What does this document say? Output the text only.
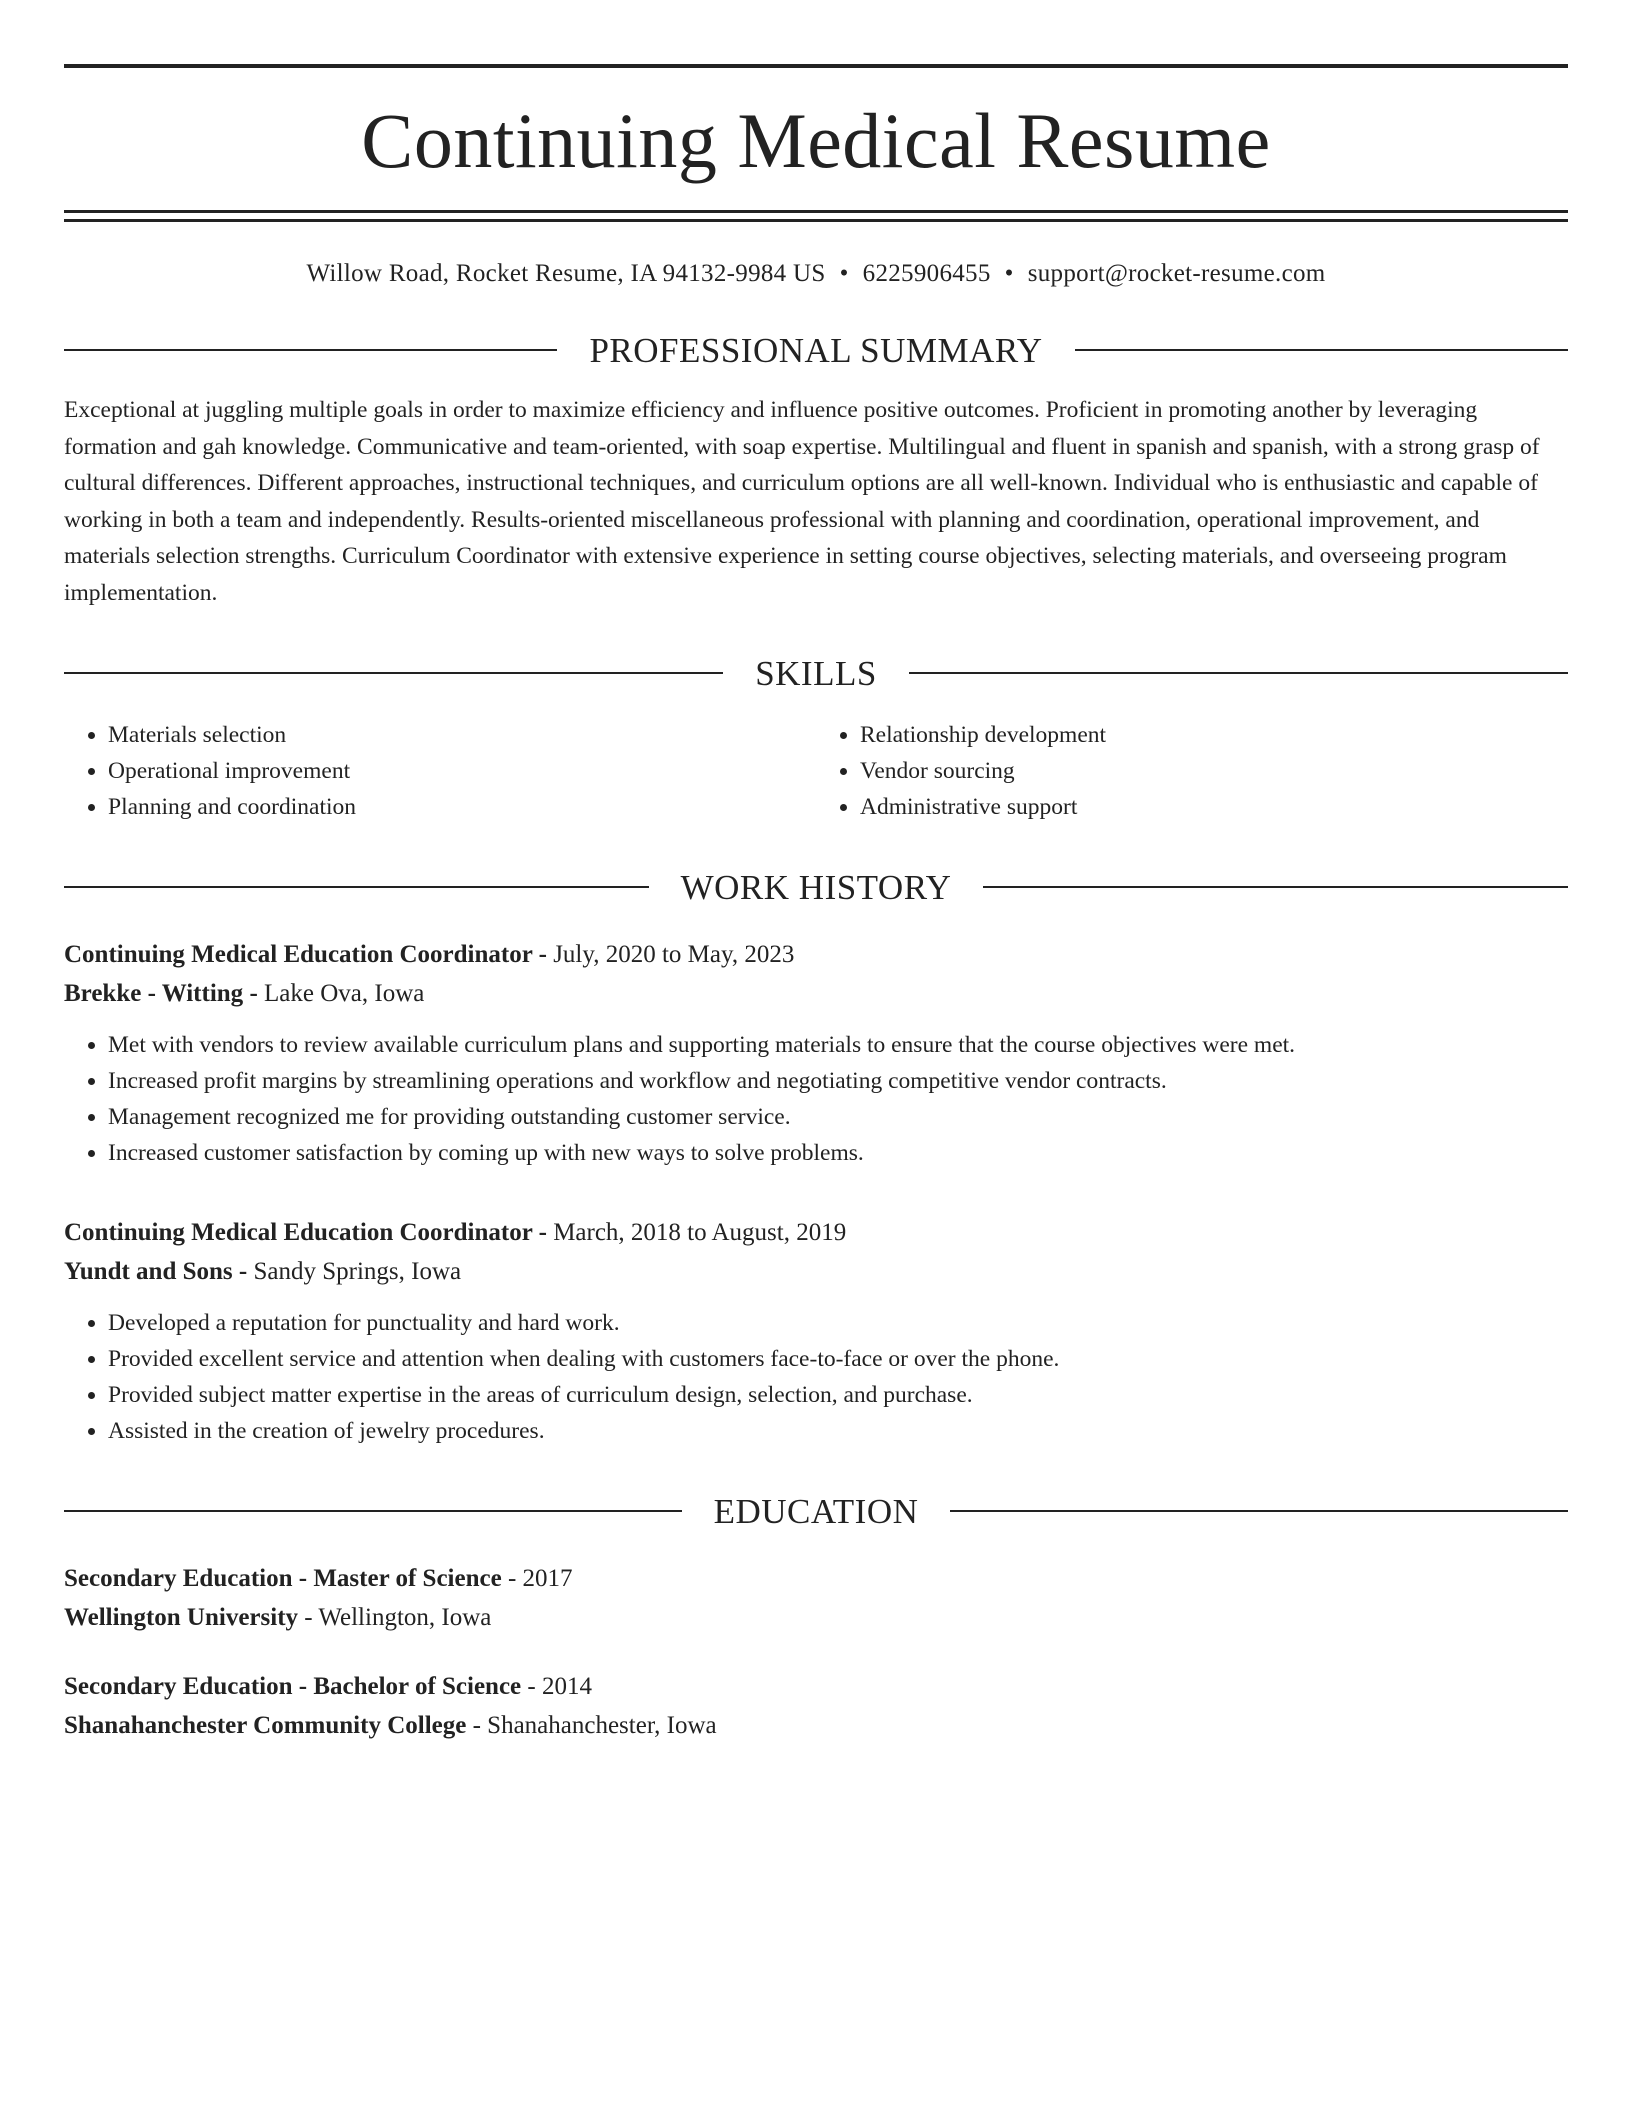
Continuing Medical Resume
Willow Road, Rocket Resume, IA 94132-9984 US • 6225906455 • support@rocket-resume.com
PROFESSIONAL SUMMARY
Exceptional at juggling multiple goals in order to maximize efficiency and influence positive outcomes. Proficient in promoting another by leveraging formation and gah knowledge. Communicative and team-oriented, with soap expertise. Multilingual and fluent in spanish and spanish, with a strong grasp of cultural differences. Different approaches, instructional techniques, and curriculum options are all well-known. Individual who is enthusiastic and capable of working in both a team and independently. Results-oriented miscellaneous professional with planning and coordination, operational improvement, and materials selection strengths. Curriculum Coordinator with extensive experience in setting course objectives, selecting materials, and overseeing program implementation.
SKILLS
• Materials selection
• Operational improvement
• Planning and coordination
• Relationship development
• Vendor sourcing
• Administrative support
WORK HISTORY
Continuing Medical Education Coordinator - July, 2020 to May, 2023
Brekke - Witting - Lake Ova, Iowa
• Met with vendors to review available curriculum plans and supporting materials to ensure that the course objectives were met.
• Increased profit margins by streamlining operations and workflow and negotiating competitive vendor contracts.
• Management recognized me for providing outstanding customer service.
• Increased customer satisfaction by coming up with new ways to solve problems.
Continuing Medical Education Coordinator - March, 2018 to August, 2019
Yundt and Sons - Sandy Springs, Iowa
• Developed a reputation for punctuality and hard work.
• Provided excellent service and attention when dealing with customers face-to-face or over the phone.
• Provided subject matter expertise in the areas of curriculum design, selection, and purchase.
• Assisted in the creation of jewelry procedures.
EDUCATION
Secondary Education - Master of Science - 2017
Wellington University - Wellington, Iowa
Secondary Education - Bachelor of Science - 2014
Shanahanchester Community College - Shanahanchester, Iowa
